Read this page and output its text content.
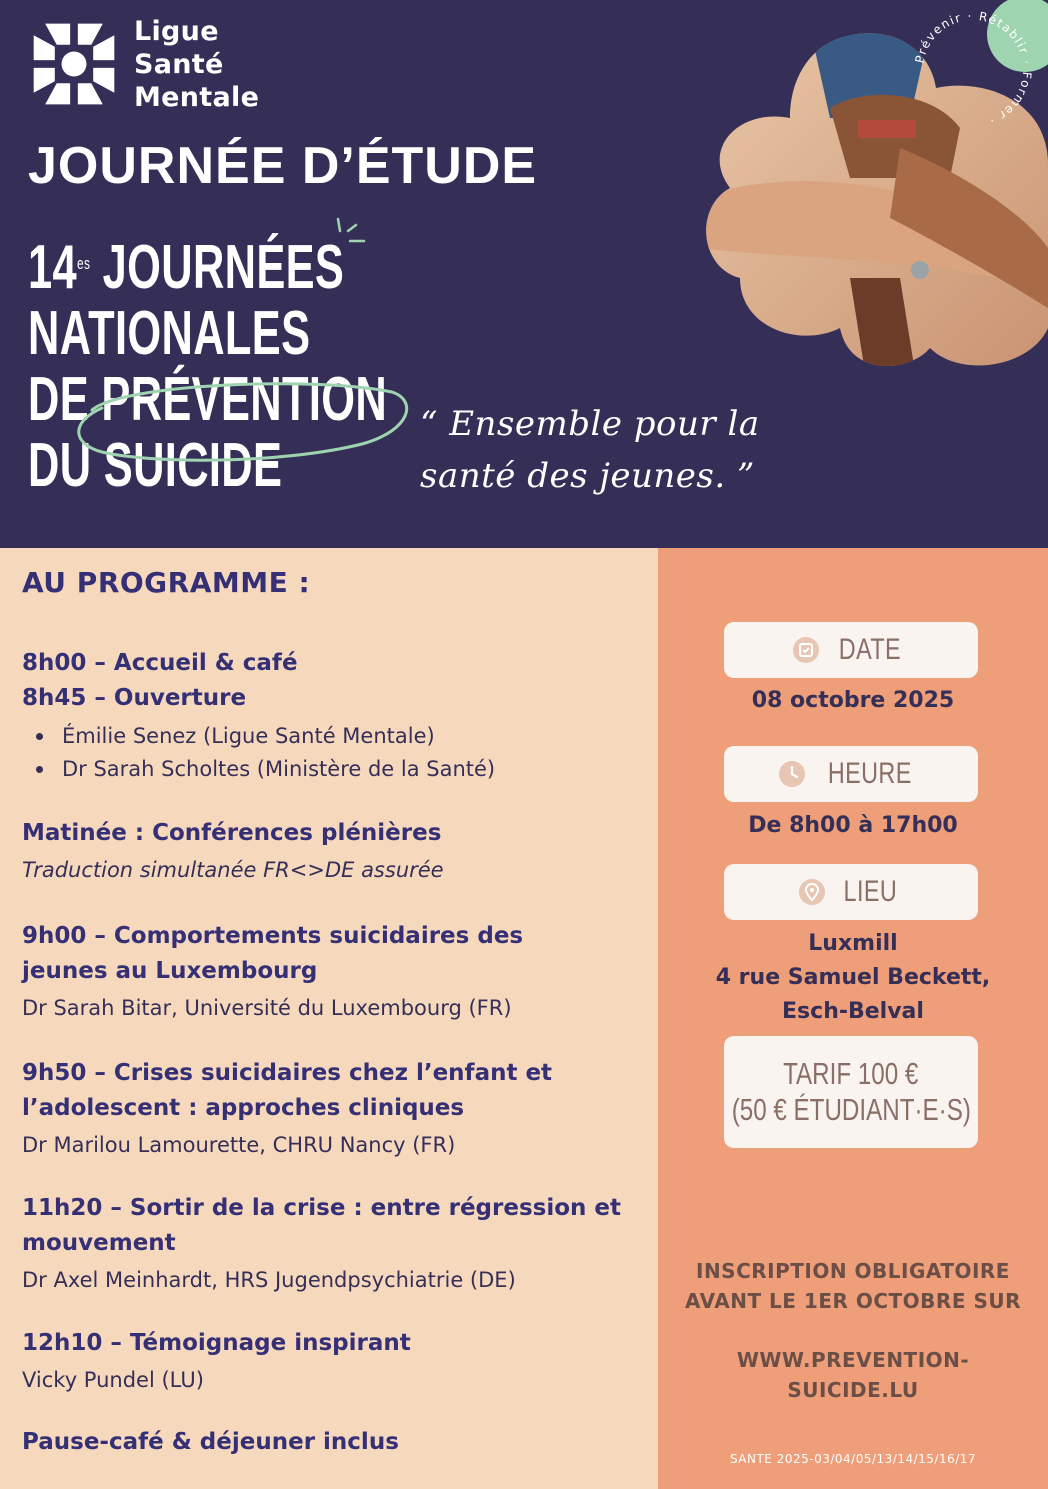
Ligue
Santé
Mentale
JOURNÉE D’ÉTUDE
$14^{es}$ JOURNÉES
NATIONALES
DE PRÉVENTION
DU SUICIDE
“ Ensemble pour la
santé des jeunes. ”
Prévenir · Rétablir · Former ·
AU PROGRAMME :
8h00 – Accueil & café
8h45 – Ouverture
Émilie Senez (Ligue Santé Mentale)
Dr Sarah Scholtes (Ministère de la Santé)
Matinée : Conférences plénières
Traduction simultanée FR<>DE assurée
9h00 – Comportements suicidaires des
jeunes au Luxembourg
Dr Sarah Bitar, Université du Luxembourg (FR)
9h50 – Crises suicidaires chez l’enfant et
l’adolescent : approches cliniques
Dr Marilou Lamourette, CHRU Nancy (FR)
11h20 – Sortir de la crise : entre régression et
mouvement
Dr Axel Meinhardt, HRS Jugendpsychiatrie (DE)
12h10 – Témoignage inspirant
Vicky Pundel (LU)
Pause-café & déjeuner inclus
DATE
08 octobre 2025
HEURE
De 8h00 à 17h00
LIEU
Luxmill
4 rue Samuel Beckett,
Esch-Belval
TARIF 100 €
(50 € ÉTUDIANT·E·S)
INSCRIPTION OBLIGATOIRE
AVANT LE 1ER OCTOBRE SUR
WWW.PREVENTION-
SUICIDE.LU
SANTE 2025-03/04/05/13/14/15/16/17
